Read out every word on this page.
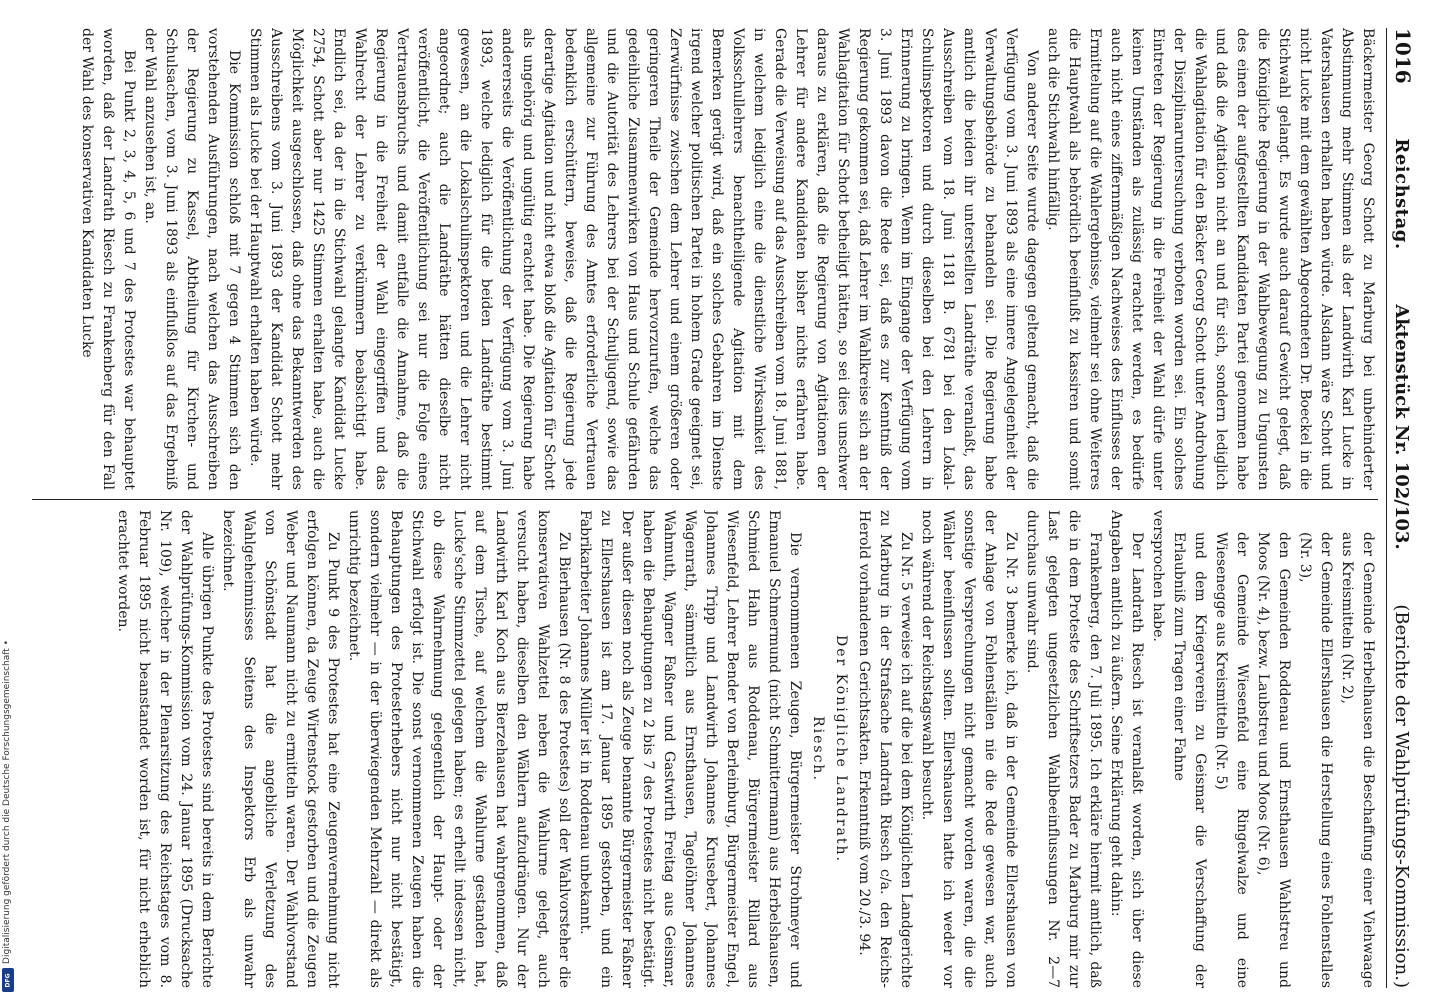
1016
Reichstag.
Aktenstück Nr. 102/103.
(Berichte der Wahlprüfungs-Kommission.)

Bäckermeister Georg Schott zu Marburg bei unbehinderter Abstimmung mehr Stimmen als der Landwirth Karl Lucke in Vatershausen erhalten haben würde. Alsdann wäre Schott und nicht Lucke mit dem gewählten Abgeordneten Dr. Boeckel in die Stichwahl gelangt. Es wurde auch darauf Gewicht gelegt, daß die Königliche Regierung in der Wahlbewegung zu Ungunsten des einen der aufgestellten Kandidaten Partei genommen habe und daß die Agitation nicht an und für sich, sondern lediglich die Wahlagitation für den Bäcker Georg Schott unter Androhung der Disziplinaruntersuchung verboten worden sei. Ein solches Eintreten der Regierung in die Freiheit der Wahl dürfe unter keinen Umständen als zulässig erachtet werden, es bedürfe auch nicht eines ziffernmäßigen Nachweises des Einflusses der Ermittelung auf die Wahlergebnisse, vielmehr sei ohne Weiteres die Hauptwahl als behördlich beeinflußt zu kassiren und somit auch die Stichwahl hinfällig.

Von anderer Seite wurde dagegen geltend gemacht, daß die Verfügung vom 3. Juni 1893 als eine innere Angelegenheit der Verwaltungsbehörde zu behandeln sei. Die Regierung habe amtlich die beiden ihr unterstellten Landräthe veranlaßt, das Ausschreiben vom 18. Juni 1181 B. 6781 bei den Lokal-Schulinspektoren und durch dieselben bei den Lehrern in Erinnerung zu bringen. Wenn im Eingange der Verfügung vom 3. Juni 1893 davon die Rede sei, daß es zur Kenntniß der Regierung gekommen sei, daß Lehrer im Wahlkreise sich an der Wahlagitation für Schott betheiligt hätten, so sei dies unschwer daraus zu erklären, daß die Regierung von Agitationen der Lehrer für andere Kandidaten bisher nichts erfahren habe. Gerade die Verweisung auf das Ausschreiben vom 18. Juni 1881, in welchem lediglich eine die dienstliche Wirksamkeit des Volksschullehrers benachtheiligende Agitation mit dem Bemerken gerügt wird, daß ein solches Gebahren im Dienste irgend welcher politischen Partei in hohem Grade geeignet sei, Zerwürfnisse zwischen dem Lehrer und einem größeren oder geringeren Theile der Gemeinde hervorzurufen, welche das gedeihliche Zusammenwirken von Haus und Schule gefährden und die Autorität des Lehrers bei der Schuljugend, sowie das allgemeine zur Führung des Amtes erforderliche Vertrauen bedenklich erschüttern, beweise, daß die Regierung jede derartige Agitation und nicht etwa bloß die Agitation für Schott als ungehörig und ungültig erachtet habe. Die Regierung habe andererseits die Veröffentlichung der Verfügung vom 3. Juni 1893, welche lediglich für die beiden Landräthe bestimmt gewesen, an die Lokalschulinspektoren und die Lehrer nicht angeordnet; auch die Landräthe hätten dieselbe nicht veröffentlicht, die Veröffentlichung sei nur die Folge eines Vertrauensbruchs und damit entfalle die Annahme, daß die Regierung in die Freiheit der Wahl eingegriffen und das Wahlrecht der Lehrer zu verkümmern beabsichtigt habe. Endlich sei, da der in die Stichwahl gelangte Kandidat Lucke 2754, Schott aber nur 1425 Stimmen erhalten habe, auch die Möglichkeit ausgeschlossen, daß ohne das Bekanntwerden des Ausschreibens vom 3. Juni 1893 der Kandidat Schott mehr Stimmen als Lucke bei der Hauptwahl erhalten haben würde.

Die Kommission schloß mit 7 gegen 4 Stimmen sich den vorstehenden Ausführungen, nach welchen das Ausschreiben der Regierung zu Kassel, Abtheilung für Kirchen- und Schulsachen, vom 3. Juni 1893 als einflußlos auf das Ergebniß der Wahl anzusehen ist, an.

Bei Punkt 2, 3, 4, 5, 6 und 7 des Protestes war behauptet worden, daß der Landrath Riesch zu Frankenberg für den Fall der Wahl des konservativen Kandidaten Lucke

der Gemeinde Herbelhausen die Beschaffung einer Viehwaage aus Kreismitteln (Nr. 2),

der Gemeinde Ellershausen die Herstellung eines Fohlenstalles (Nr. 3),

den Gemeinden Roddenau und Ernsthausen Wahlstreu und Moos (Nr. 4), bezw. Laubstreu und Moos (Nr. 6),

der Gemeinde Wiesenfeld eine Ringelwalze und eine Wiesenegge aus Kreismitteln (Nr. 5)

und dem Kriegerverein zu Geismar die Verschaffung der Erlaubniß zum Tragen einer Fahne

versprochen habe.

Der Landrath Riesch ist veranlaßt worden, sich über diese Angaben amtlich zu äußern. Seine Erklärung geht dahin:

Frankenberg, den 7. Juli 1895. Ich erkläre hiermit amtlich, daß die in dem Proteste des Schriftsetzers Bader zu Marburg mir zur Last gelegten ungesetzlichen Wahlbeeinflussungen Nr. 2—7 durchaus unwahr sind.

Zu Nr. 3 bemerke ich, daß in der Gemeinde Ellershausen von der Anlage von Fohlenställen nie die Rede gewesen war, auch sonstige Versprechungen nicht gemacht worden waren, die die Wähler beeinflussen sollten. Ellershausen hatte ich weder vor noch während der Reichstagswahl besucht.

Zu Nr. 5 verweise ich auf die bei dem Königlichen Landgerichte zu Marburg in der Strafsache Landrath Riesch c/a. den Reichs-Herold vorhandenen Gerichtsakten. Erkenntniß vom 20./3. 94.

Der Königliche Landrath.

Riesch.

Die vernommenen Zeugen, Bürgermeister Strohmeyer und Emanuel Schmermund (nicht Schmittermann) aus Herbelshausen, Schmied Hahn aus Roddenau, Bürgermeister Rillard aus Wiesenfeld, Lehrer Bender von Berleinburg, Bürgermeister Engel, Johannes Tripp und Landwirth Johannes Krusebert, Johannes Wagenrath, sämmtlich aus Ernsthausen, Tagelöhner Johannes Wahmuth, Wagner Faßner und Gastwirth Freitag aus Geismar, haben die Behauptungen zu 2 bis 7 des Protestes nicht bestätigt. Der außer diesen noch als Zeuge benannte Bürgermeister Faßner zu Ellershausen ist am 17. Januar 1895 gestorben, und ein Fabrikarbeiter Johannes Müller ist in Roddenau unbekannt.

Zu Bierhausen (Nr. 8 des Protestes) soll der Wahlvorsteher die konservativen Wahlzettel neben die Wahlurne gelegt, auch versucht haben, dieselben den Wählern aufzudrängen. Nur der Landwirth Karl Koch aus Bierzehausen hat wahrgenommen, daß auf dem Tische, auf welchem die Wahlurne gestanden hat, Lucke'sche Stimmzettel gelegen haben; es erhellt indessen nicht, ob diese Wahrnehmung gelegentlich der Haupt- oder der Stichwahl erfolgt ist. Die sonst vernommenen Zeugen haben die Behauptungen des Protesterhebers nicht nur nicht bestätigt, sondern vielmehr — in der überwiegenden Mehrzahl — direkt als unrichtig bezeichnet.

Zu Punkt 9 des Protestes hat eine Zeugenvernehmung nicht erfolgen können, da Zeuge Wirtenstock gestorben und die Zeugen Weber und Naumann nicht zu ermitteln waren. Der Wahlvorstand von Schönstadt hat die angebliche Verletzung des Wahlgeheimnisses Seitens des Inspektors Erb als unwahr bezeichnet.

Alle übrigen Punkte des Protestes sind bereits in dem Berichte der Wahlprüfungs-Kommission vom 24. Januar 1895 (Drucksache Nr. 109), welcher in der Plenarsitzung des Reichstages vom 8. Februar 1895 nicht beanstandet worden ist, für nicht erheblich erachtet worden.

Digitalisierung gefördert durch die Deutsche Forschungsgemeinschaft •
DFG
